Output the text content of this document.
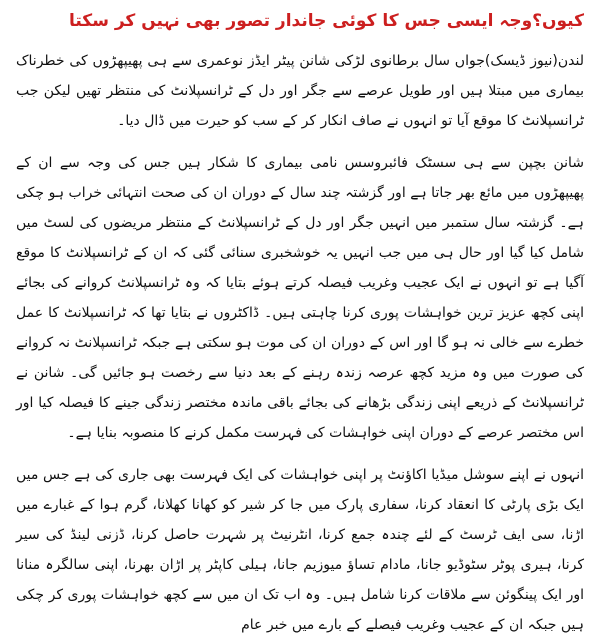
کیوں؟وجہ ایسی جس کا کوئی جاندار تصور بھی نہیں کر سکتا

لندن(نیوز ڈیسک)جواں سال برطانوی لڑکی شانن پیٹر ایڈز نوعمری سے ہی پھیپھڑوں کی خطرناک بیماری میں مبتلا ہیں اور طویل عرصے سے جگر اور دل کے ٹرانسپلانٹ کی منتظر تھیں لیکن جب ٹرانسپلانٹ کا موقع آیا تو انہوں نے صاف انکار کر کے سب کو حیرت میں ڈال دیا۔

شانن بچپن سے ہی سسٹک فائبروسس نامی بیماری کا شکار ہیں جس کی وجہ سے ان کے پھیپھڑوں میں مائع بھر جاتا ہے اور گزشتہ چند سال کے دوران ان کی صحت انتہائی خراب ہو چکی ہے۔ گزشتہ سال ستمبر میں انہیں جگر اور دل کے ٹرانسپلانٹ کے منتظر مریضوں کی لسٹ میں شامل کیا گیا اور حال ہی میں جب انہیں یہ خوشخبری سنائی گئی کہ ان کے ٹرانسپلانٹ کا موقع آگیا ہے تو انہوں نے ایک عجیب وغریب فیصلہ کرتے ہوئے بتایا کہ وہ ٹرانسپلانٹ کروانے کی بجائے اپنی کچھ عزیز ترین خواہشات پوری کرنا چاہتی ہیں۔ ڈاکٹروں نے بتایا تھا کہ ٹرانسپلانٹ کا عمل خطرے سے خالی نہ ہو گا اور اس کے دوران ان کی موت ہو سکتی ہے جبکہ ٹرانسپلانٹ نہ کروانے کی صورت میں وہ مزید کچھ عرصہ زندہ رہنے کے بعد دنیا سے رخصت ہو جائیں گی۔ شانن نے ٹرانسپلانٹ کے ذریعے اپنی زندگی بڑھانے کی بجائے باقی ماندہ مختصر زندگی جینے کا فیصلہ کیا اور اس مختصر عرصے کے دوران اپنی خواہشات کی فہرست مکمل کرنے کا منصوبہ بنایا ہے۔

انہوں نے اپنے سوشل میڈیا اکاؤنٹ پر اپنی خواہشات کی ایک فہرست بھی جاری کی ہے جس میں ایک بڑی پارٹی کا انعقاد کرنا، سفاری پارک میں جا کر شیر کو کھانا کھلانا، گرم ہوا کے غبارے میں اڑنا، سی ایف ٹرسٹ کے لئے چندہ جمع کرنا، انٹرنیٹ پر شہرت حاصل کرنا، ڈزنی لینڈ کی سیر کرنا، ہیری پوٹر سٹوڈیو جانا، مادام تساؤ میوزیم جانا، ہیلی کاپٹر پر اڑان بھرنا، اپنی سالگرہ منانا اور ایک پینگوئن سے ملاقات کرنا شامل ہیں۔ وہ اب تک ان میں سے کچھ خواہشات پوری کر چکی ہیں جبکہ ان کے عجیب وغریب فیصلے کے بارے میں خبر عام
